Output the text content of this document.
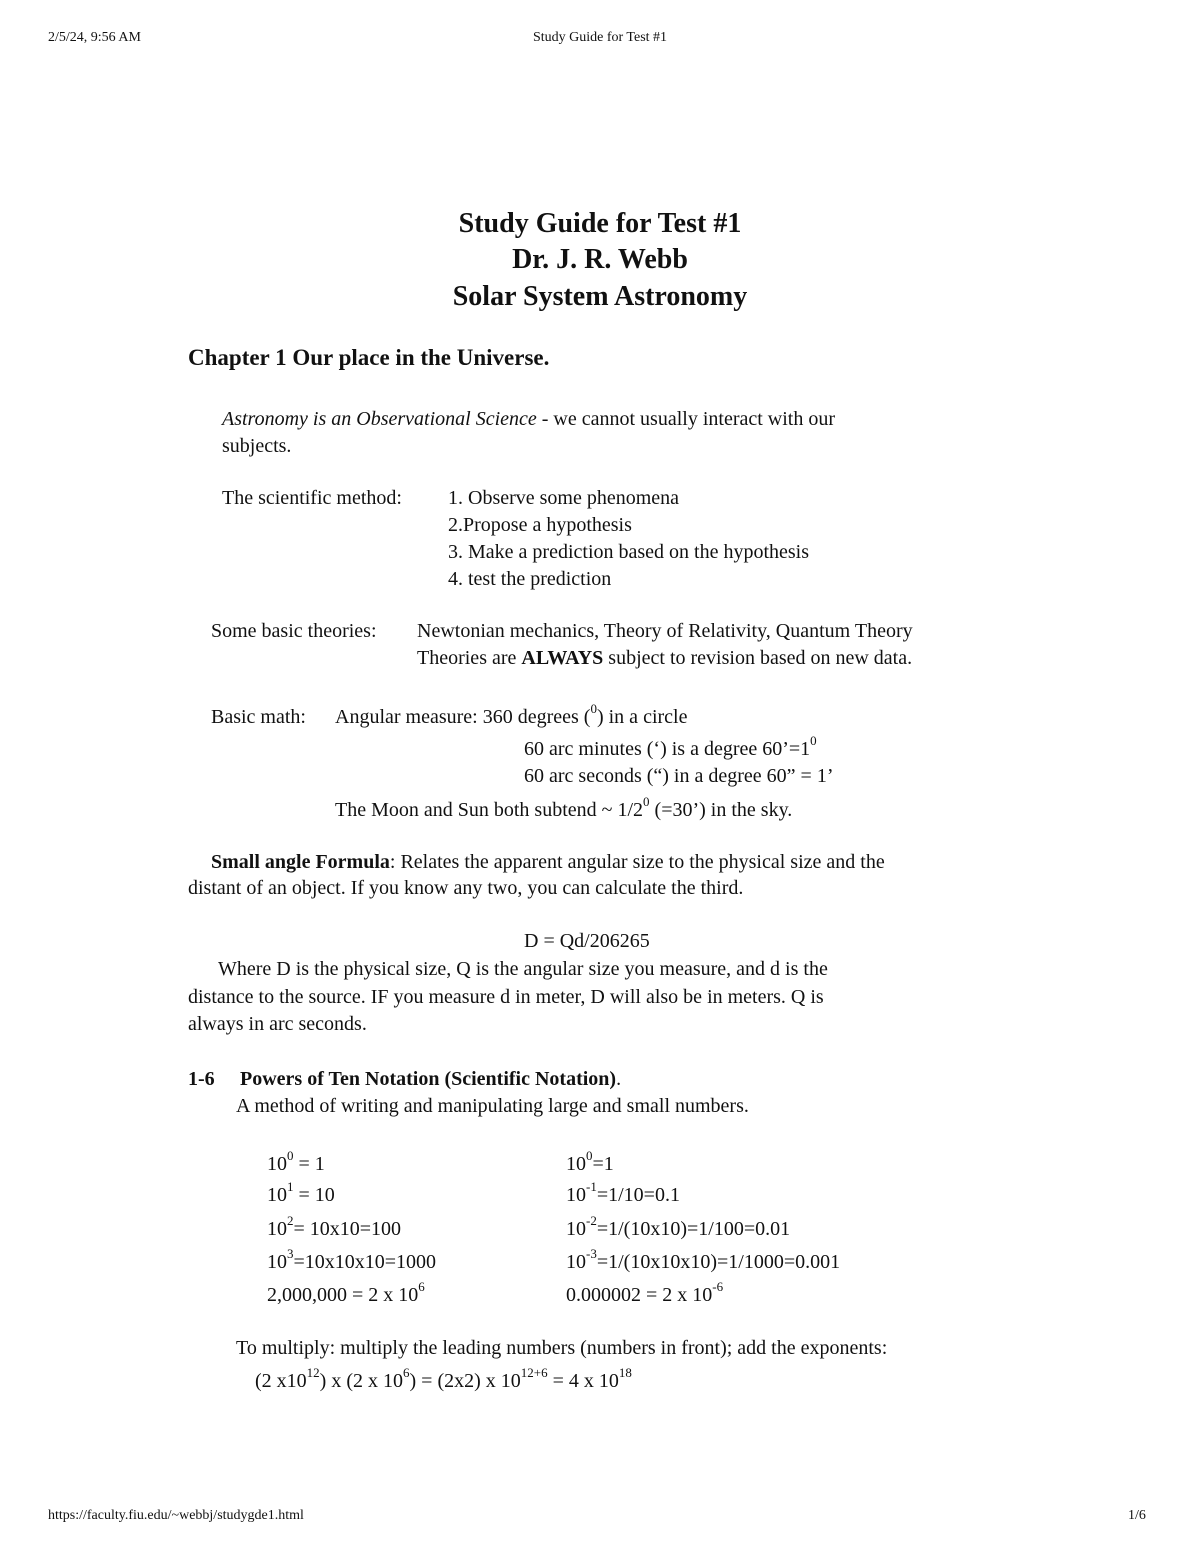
2/5/24, 9:56 AM	Study Guide for Test #1
Study Guide for Test #1
Dr. J. R. Webb
Solar System Astronomy
Chapter 1 Our place in the Universe.
Astronomy is an Observational Science - we cannot usually interact with our
subjects.
The scientific method: 1. Observe some phenomena
2.Propose a hypothesis
3. Make a prediction based on the hypothesis
4. test the prediction
Some basic theories: Newtonian mechanics, Theory of Relativity, Quantum Theory
Theories are ALWAYS subject to revision based on new data.
Basic math: Angular measure: 360 degrees ($^0$) in a circle
60 arc minutes (‘) is a degree $60’=1^0$
60 arc seconds (“) in a degree 60” = 1’
The Moon and Sun both subtend ~ $1/2^0$ (=30’) in the sky.
Small angle Formula: Relates the apparent angular size to the physical size and the
distant of an object. If you know any two, you can calculate the third.
D = Qd/206265
Where D is the physical size, Q is the angular size you measure, and d is the
distance to the source. IF you measure d in meter, D will also be in meters. Q is
always in arc seconds.
1-6 Powers of Ten Notation (Scientific Notation).
A method of writing and manipulating large and small numbers.
$10^0 = 1$
$10^1 = 10$
$10^2= 10x10=100$
$10^3=10x10x10=1000$
2,000,000 = 2 x $10^6$
$10^0=1$
$10^{-1}=1/10=0.1$
$10^{-2}=1/(10x10)=1/100=0.01$
$10^{-3}=1/(10x10x10)=1/1000=0.001$
0.000002 = 2 x $10^{-6}$
To multiply: multiply the leading numbers (numbers in front); add the exponents:
(2 $x10^{12}$) x (2 x $10^6) = (2x2)$ x $10^{12+6} = 4$ x $10^{18}$
https://faculty.fiu.edu/~webbj/studygde1.html	1/6
